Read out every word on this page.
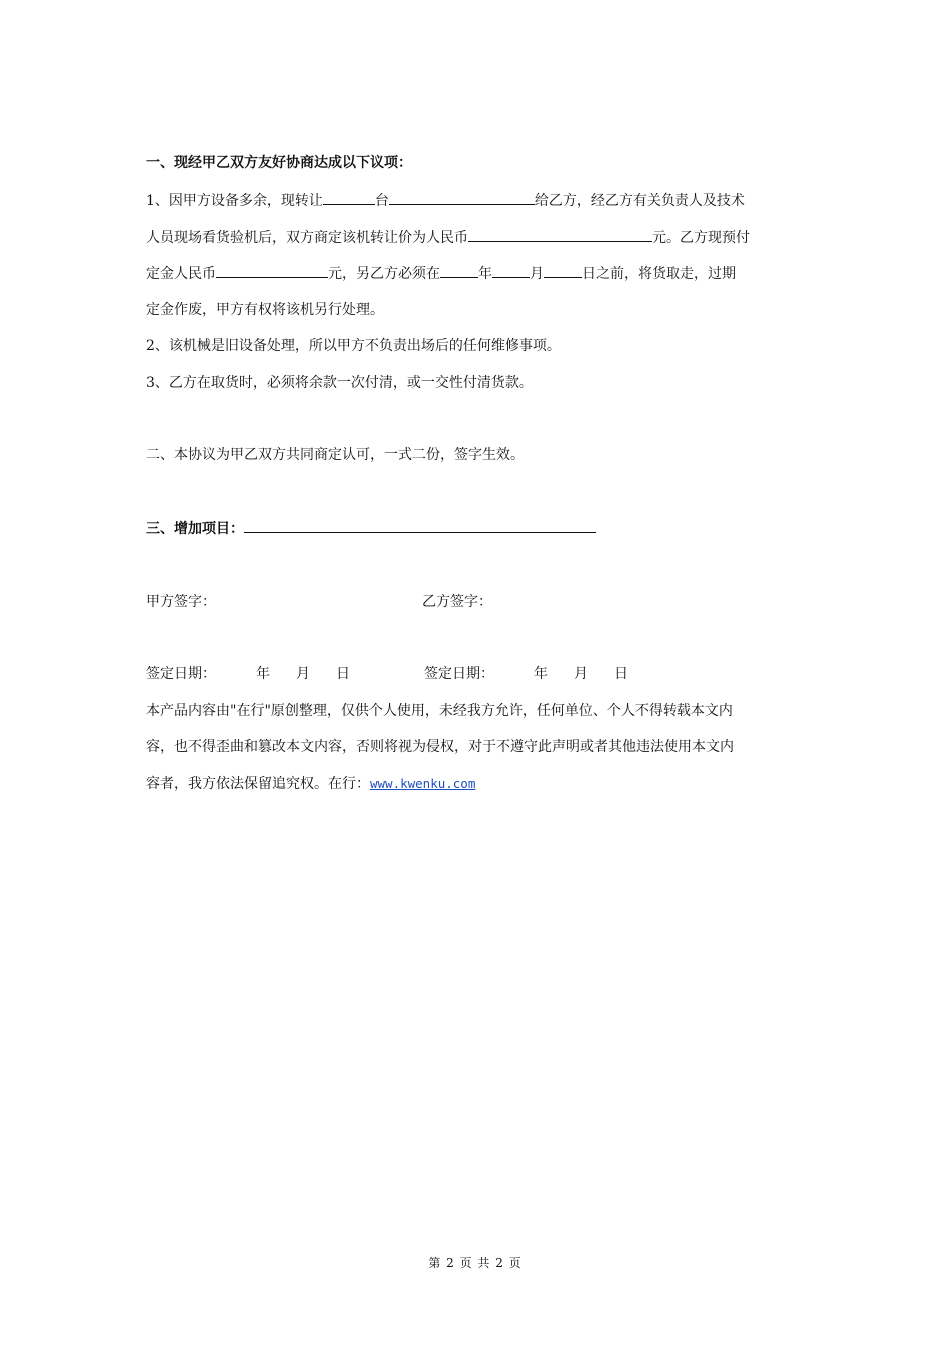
一、现经甲乙双方友好协商达成以下议项：
1、因甲方设备多余，现转让	台	给乙方，经乙方有关负责人及技术
人员现场看货验机后，双方商定该机转让价为人民币	元。乙方现预付
定金人民币	元，另乙方必须在	年	月	日之前，将货取走，过期
定金作废，甲方有权将该机另行处理。
2、该机械是旧设备处理，所以甲方不负责出场后的任何维修事项。
3、乙方在取货时，必须将余款一次付清，或一交性付清货款。
二、本协议为甲乙双方共同商定认可，一式二份，签字生效。
三、增加项目：
甲方签字：	乙方签字：
签定日期：	年 月 日	签定日期：	年 月 日
本产品内容由"在行"原创整理，仅供个人使用，未经我方允许，任何单位、个人不得转载本文内
容，也不得歪曲和篡改本文内容，否则将视为侵权，对于不遵守此声明或者其他违法使用本文内
容者，我方依法保留追究权。在行：www.kwenku.com
第 2 页 共 2 页
